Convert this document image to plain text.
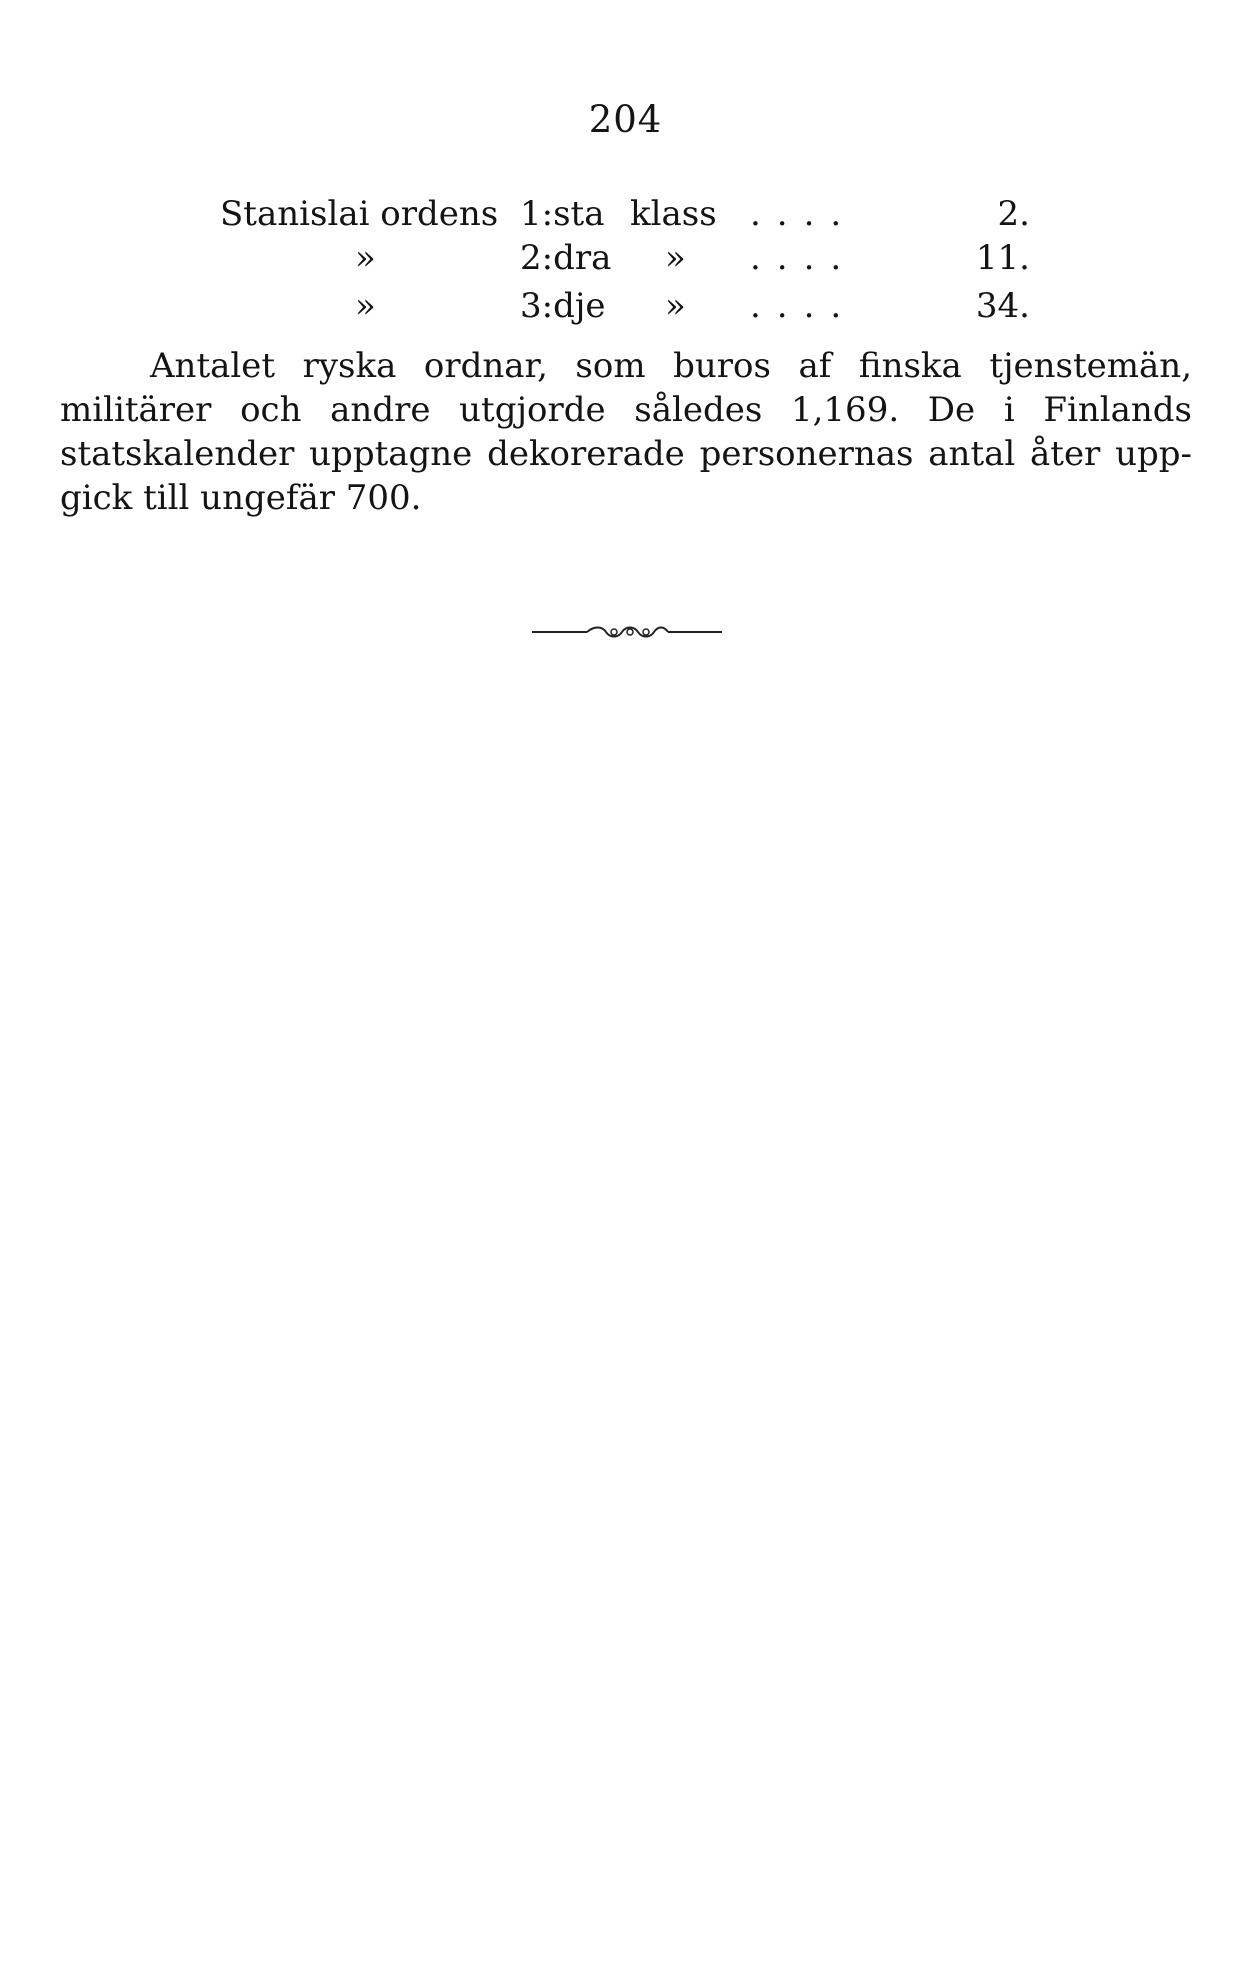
204
Stanislai ordens 1:sta klass ....	2.
»	2:dra » ....	11.
»	3:dje » ....	34.
Antalet ryska ordnar, som buros af finska tjenstemän,
militärer och andre utgjorde således 1,169. De i Finlands
statskalender upptagne dekorerade personernas antal åter upp-
gick till ungefär 700.
